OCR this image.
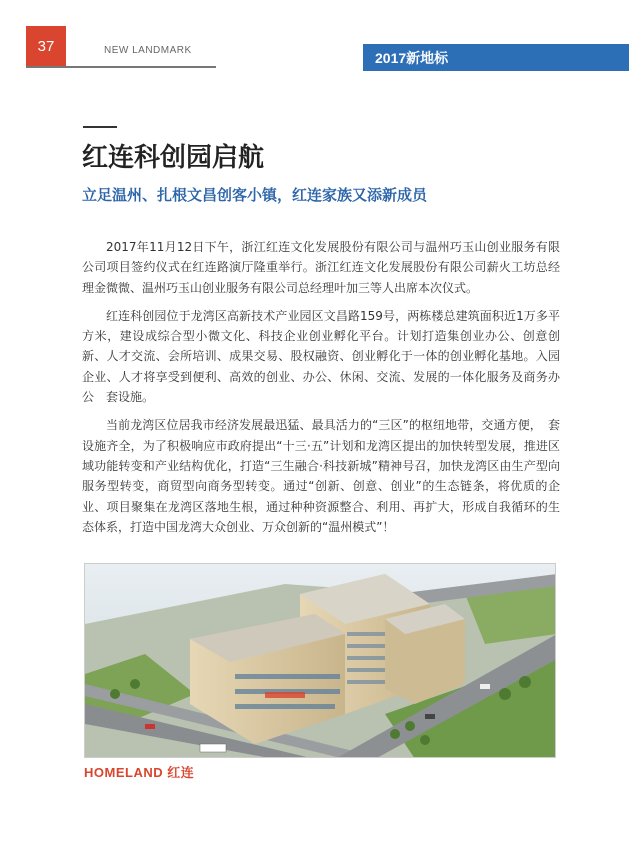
37	NEW LANDMARK	2017新地标
红连科创园启航
立足温州、扎根文昌创客小镇，红连家族又添新成员

2017年11月12日下午，浙江红连文化发展股份有限公司与温州巧玉山创业服务有限公司项目签约仪式在红连路演厅隆重举行。浙江红连文化发展股份有限公司薪火工坊总经理金微微、温州巧玉山创业服务有限公司总经理叶加三等人出席本次仪式。

红连科创园位于龙湾区高新技术产业园区文昌路159号，两栋楼总建筑面积近1万多平方米，建设成综合型小微文化、科技企业创业孵化平台。计划打造集创业办公、创意创新、人才交流、会所培训、成果交易、股权融资、创业孵化于一体的创业孵化基地。入园企业、人才将享受到便利、高效的创业、办公、休闲、交流、发展的一体化服务及商务办公　套设施。

当前龙湾区位居我市经济发展最迅猛、最具活力的“三区”的枢纽地带，交通方便，　套设施齐全，为了积极响应市政府提出“十三·五”计划和龙湾区提出的加快转型发展，推进区域功能转变和产业结构优化，打造“三生融合·科技新城”精神号召，加快龙湾区由生产型向服务型转变，商贸型向商务型转变。通过“创新、创意、创业”的生态链条，将优质的企业、项目聚集在龙湾区落地生根，通过种种资源整合、利用、再扩大，形成自我循环的生态体系，打造中国龙湾大众创业、万众创新的“温州模式”！

HOMELAND 红连
